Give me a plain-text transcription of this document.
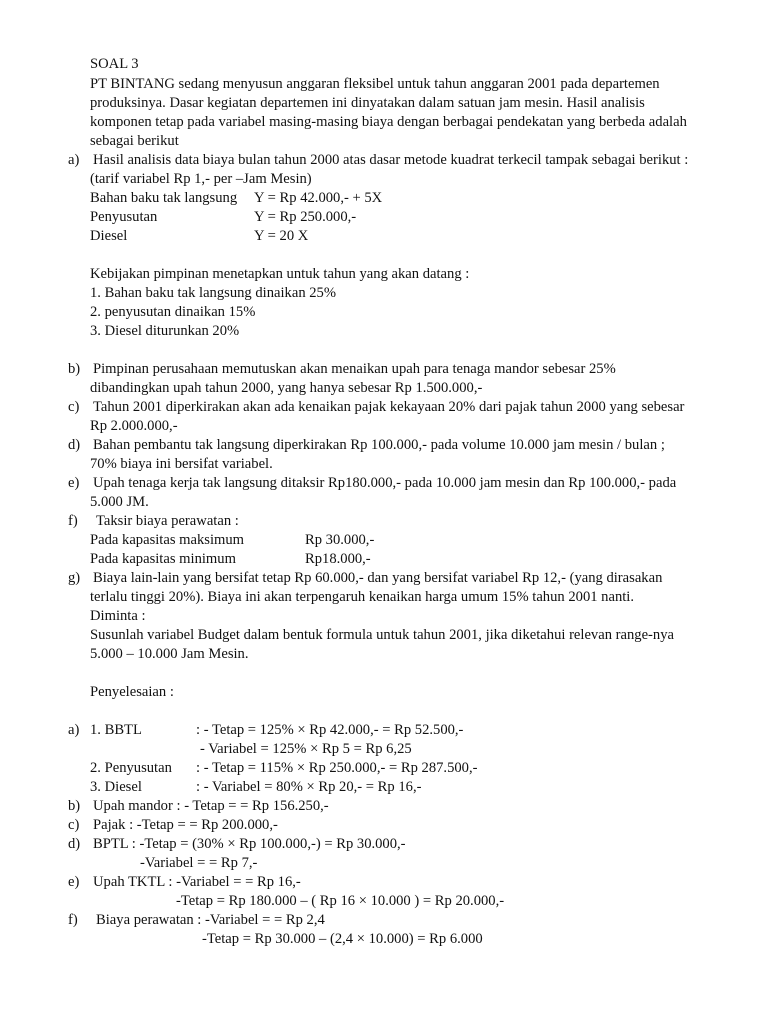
SOAL 3
PT BINTANG sedang menyusun anggaran fleksibel untuk tahun anggaran 2001 pada departemen
produksinya. Dasar kegiatan departemen ini dinyatakan dalam satuan jam mesin. Hasil analisis
komponen tetap pada variabel masing-masing biaya dengan berbagai pendekatan yang berbeda adalah
sebagai berikut
a) Hasil analisis data biaya bulan tahun 2000 atas dasar metode kuadrat terkecil tampak sebagai berikut :
(tarif variabel Rp 1,- per –Jam Mesin)
Bahan baku tak langsung Y = Rp 42.000,- + 5X
Penyusutan	Y = Rp 250.000,-
Diesel	Y = 20 X
Kebijakan pimpinan menetapkan untuk tahun yang akan datang :
1. Bahan baku tak langsung dinaikan 25%
2. penyusutan dinaikan 15%
3. Diesel diturunkan 20%
b) Pimpinan perusahaan memutuskan akan menaikan upah para tenaga mandor sebesar 25%
dibandingkan upah tahun 2000, yang hanya sebesar Rp 1.500.000,-
c) Tahun 2001 diperkirakan akan ada kenaikan pajak kekayaan 20% dari pajak tahun 2000 yang sebesar
Rp 2.000.000,-
d) Bahan pembantu tak langsung diperkirakan Rp 100.000,- pada volume 10.000 jam mesin / bulan ;
70% biaya ini bersifat variabel.
e) Upah tenaga kerja tak langsung ditaksir Rp180.000,- pada 10.000 jam mesin dan Rp 100.000,- pada
5.000 JM.
f) Taksir biaya perawatan :
Pada kapasitas maksimum	Rp 30.000,-
Pada kapasitas minimum	Rp18.000,-
g) Biaya lain-lain yang bersifat tetap Rp 60.000,- dan yang bersifat variabel Rp 12,- (yang dirasakan
terlalu tinggi 20%). Biaya ini akan terpengaruh kenaikan harga umum 15% tahun 2001 nanti.
Diminta :
Susunlah variabel Budget dalam bentuk formula untuk tahun 2001, jika diketahui relevan range-nya
5.000 – 10.000 Jam Mesin.
Penyelesaian :
a) 1. BBTL	: - Tetap = 125% × Rp 42.000,- = Rp 52.500,-
- Variabel = 125% × Rp 5 = Rp 6,25
2. Penyusutan : - Tetap = 115% × Rp 250.000,- = Rp 287.500,-
3. Diesel	: - Variabel = 80% × Rp 20,- = Rp 16,-
b) Upah mandor : - Tetap = = Rp 156.250,-
c) Pajak : -Tetap = = Rp 200.000,-
d) BPTL : -Tetap = (30% × Rp 100.000,-) = Rp 30.000,-
-Variabel = = Rp 7,-
e) Upah TKTL : -Variabel = = Rp 16,-
-Tetap = Rp 180.000 – ( Rp 16 × 10.000 ) = Rp 20.000,-
f) Biaya perawatan : -Variabel = = Rp 2,4
-Tetap = Rp 30.000 – (2,4 × 10.000) = Rp 6.000
